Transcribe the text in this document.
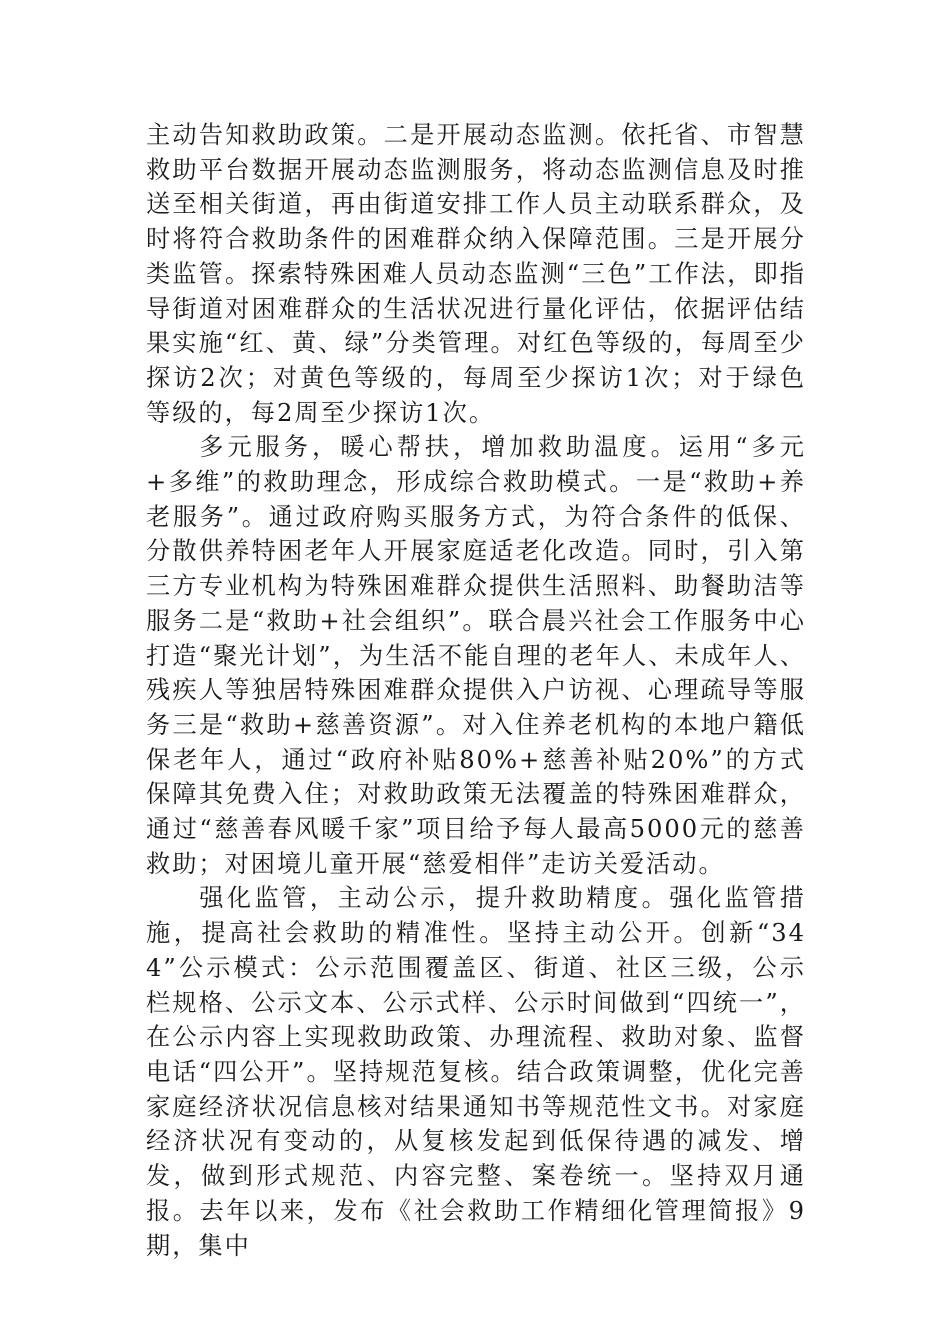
主动告知救助政策。二是开展动态监测。依托省、市智慧救助平台数据开展动态监测服务，将动态监测信息及时推送至相关街道，再由街道安排工作人员主动联系群众，及时将符合救助条件的困难群众纳入保障范围。三是开展分类监管。探索特殊困难人员动态监测“三色”工作法，即指导街道对困难群众的生活状况进行量化评估，依据评估结果实施“红、黄、绿”分类管理。对红色等级的，每周至少探访2次；对黄色等级的，每周至少探访1次；对于绿色等级的，每2周至少探访1次。

多元服务，暖心帮扶，增加救助温度。运用“多元+多维”的救助理念，形成综合救助模式。一是“救助+养老服务”。通过政府购买服务方式，为符合条件的低保、分散供养特困老年人开展家庭适老化改造。同时，引入第三方专业机构为特殊困难群众提供生活照料、助餐助洁等服务二是“救助+社会组织”。联合晨兴社会工作服务中心打造“聚光计划”，为生活不能自理的老年人、未成年人、残疾人等独居特殊困难群众提供入户访视、心理疏导等服务三是“救助+慈善资源”。对入住养老机构的本地户籍低保老年人，通过“政府补贴80%+慈善补贴20%”的方式保障其免费入住；对救助政策无法覆盖的特殊困难群众，通过“慈善春风暖千家”项目给予每人最高5000元的慈善救助；对困境儿童开展“慈爱相伴”走访关爱活动。

强化监管，主动公示，提升救助精度。强化监管措施，提高社会救助的精准性。坚持主动公开。创新“344”公示模式：公示范围覆盖区、街道、社区三级，公示栏规格、公示文本、公示式样、公示时间做到“四统一”，在公示内容上实现救助政策、办理流程、救助对象、监督电话“四公开”。坚持规范复核。结合政策调整，优化完善家庭经济状况信息核对结果通知书等规范性文书。对家庭经济状况有变动的，从复核发起到低保待遇的减发、增发，做到形式规范、内容完整、案卷统一。坚持双月通报。去年以来，发布《社会救助工作精细化管理简报》9期，集中
